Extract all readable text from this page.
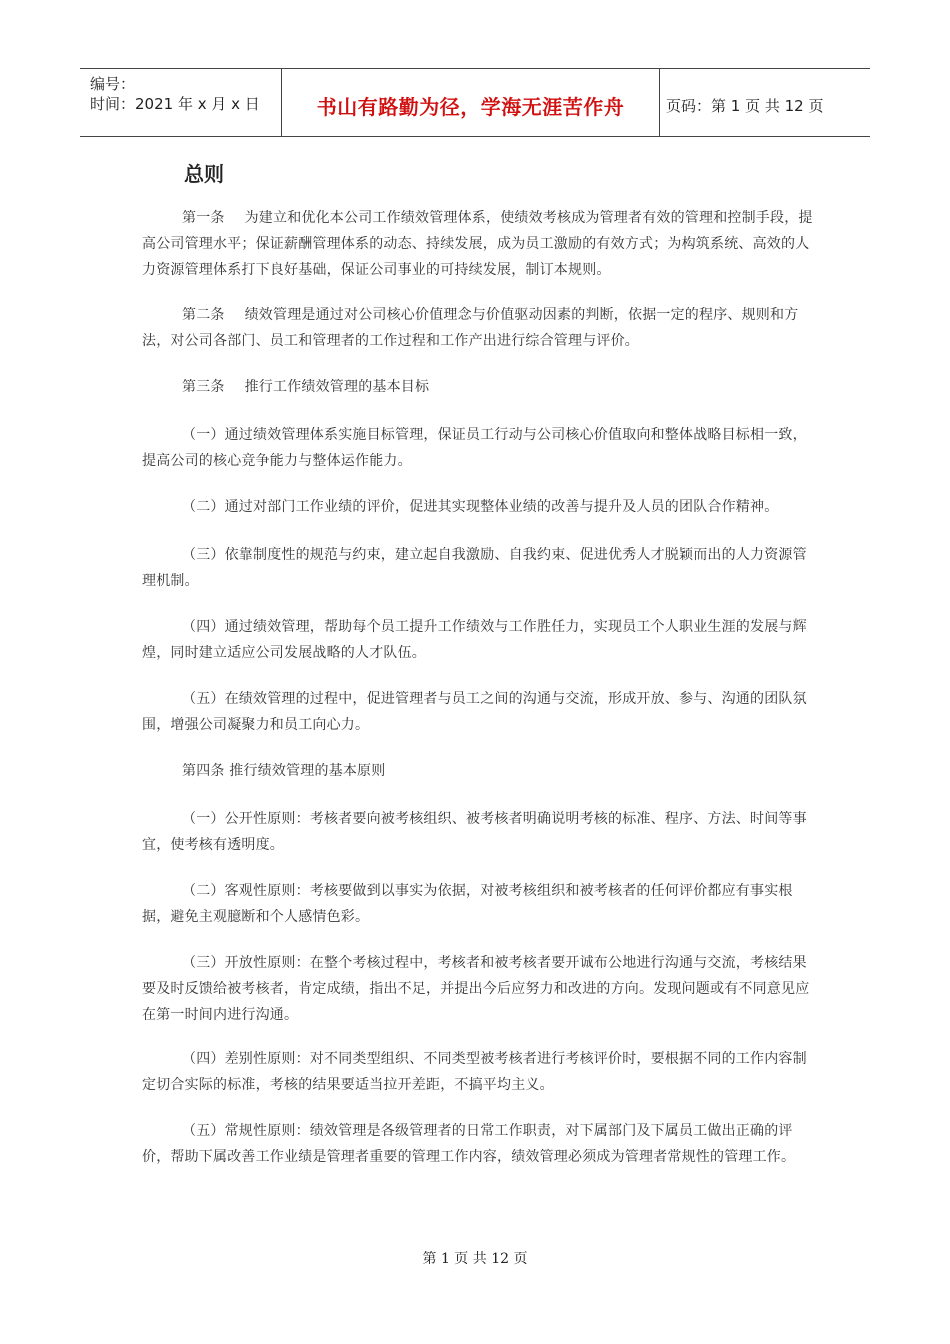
编号：
时间：2021 年 x 月 x 日	书山有路勤为径，学海无涯苦作舟	页码：第 1 页 共 12 页
总则

第一条 为建立和优化本公司工作绩效管理体系，使绩效考核成为管理者有效的管理和控制手段，提高公司管理水平；保证薪酬管理体系的动态、持续发展，成为员工激励的有效方式；为构筑系统、高效的人力资源管理体系打下良好基础，保证公司事业的可持续发展，制订本规则。

第二条 绩效管理是通过对公司核心价值理念与价值驱动因素的判断，依据一定的程序、规则和方法，对公司各部门、员工和管理者的工作过程和工作产出进行综合管理与评价。

第三条 推行工作绩效管理的基本目标

（一）通过绩效管理体系实施目标管理，保证员工行动与公司核心价值取向和整体战略目标相一致，提高公司的核心竞争能力与整体运作能力。

（二）通过对部门工作业绩的评价，促进其实现整体业绩的改善与提升及人员的团队合作精神。

（三）依靠制度性的规范与约束，建立起自我激励、自我约束、促进优秀人才脱颖而出的人力资源管理机制。

（四）通过绩效管理，帮助每个员工提升工作绩效与工作胜任力，实现员工个人职业生涯的发展与辉煌，同时建立适应公司发展战略的人才队伍。

（五）在绩效管理的过程中，促进管理者与员工之间的沟通与交流，形成开放、参与、沟通的团队氛围，增强公司凝聚力和员工向心力。

第四条 推行绩效管理的基本原则

（一）公开性原则：考核者要向被考核组织、被考核者明确说明考核的标准、程序、方法、时间等事宜，使考核有透明度。

（二）客观性原则：考核要做到以事实为依据，对被考核组织和被考核者的任何评价都应有事实根据，避免主观臆断和个人感情色彩。

（三）开放性原则：在整个考核过程中，考核者和被考核者要开诚布公地进行沟通与交流，考核结果要及时反馈给被考核者，肯定成绩，指出不足，并提出今后应努力和改进的方向。发现问题或有不同意见应在第一时间内进行沟通。

（四）差别性原则：对不同类型组织、不同类型被考核者进行考核评价时，要根据不同的工作内容制定切合实际的标准，考核的结果要适当拉开差距，不搞平均主义。

（五）常规性原则：绩效管理是各级管理者的日常工作职责，对下属部门及下属员工做出正确的评价，帮助下属改善工作业绩是管理者重要的管理工作内容，绩效管理必须成为管理者常规性的管理工作。

第 1 页 共 12 页
